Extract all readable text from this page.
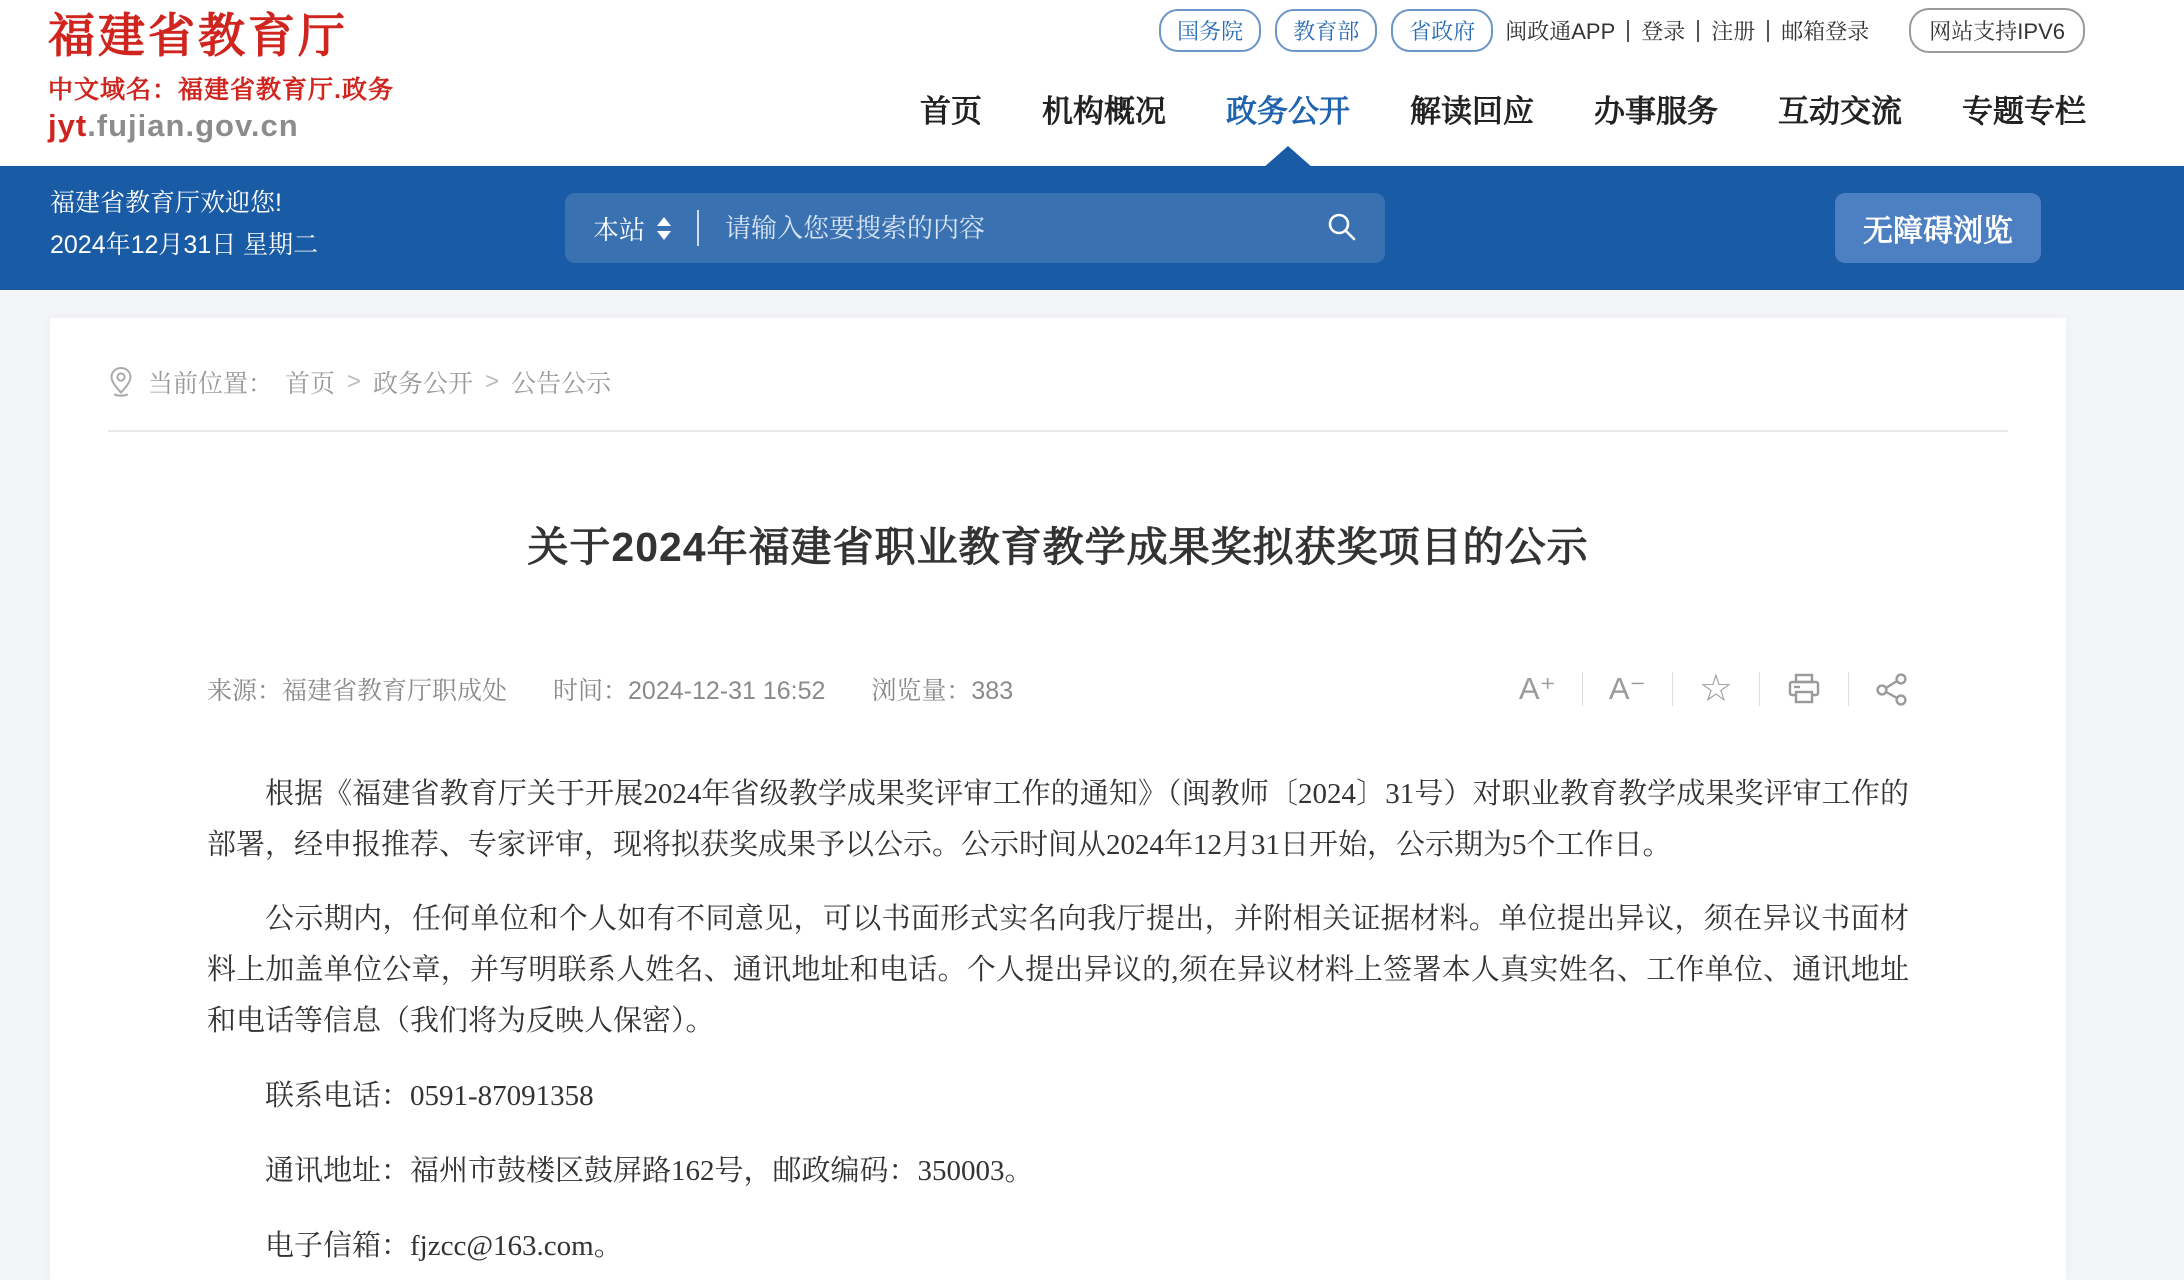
福建省教育厅
中文域名：福建省教育厅.政务
jyt.fujian.gov.cn
国务院	教育部	省政府	闽政通APP 登录 注册 邮箱登录	网站支持IPV6
首页 机构概况 政务公开 解读回应 办事服务 互动交流 专题专栏
福建省教育厅欢迎您!
2024年12月31日 星期二
本站
请输入您要搜索的内容	无障碍浏览
当前位置： 首页 > 政务公开 > 公告公示
关于2024年福建省职业教育教学成果奖拟获奖项目的公示
来源：福建省教育厅职成处 时间：2024-12-31 16:52 浏览量：383	A⁺ A⁻ ☆

根据《福建省教育厅关于开展2024年省级教学成果奖评审工作的通知》（闽教师〔2024〕31号）对职业教育教学成果奖评审工作的部署，经申报推荐、专家评审，现将拟获奖成果予以公示。公示时间从2024年12月31日开始，公示期为5个工作日。

公示期内，任何单位和个人如有不同意见，可以书面形式实名向我厅提出，并附相关证据材料。单位提出异议，须在异议书面材料上加盖单位公章，并写明联系人姓名、通讯地址和电话。个人提出异议的,须在异议材料上签署本人真实姓名、工作单位、通讯地址和电话等信息（我们将为反映人保密）。

联系电话：0591-87091358

通讯地址：福州市鼓楼区鼓屏路162号，邮政编码：350003。

电子信箱：fjzcc@163.com。
